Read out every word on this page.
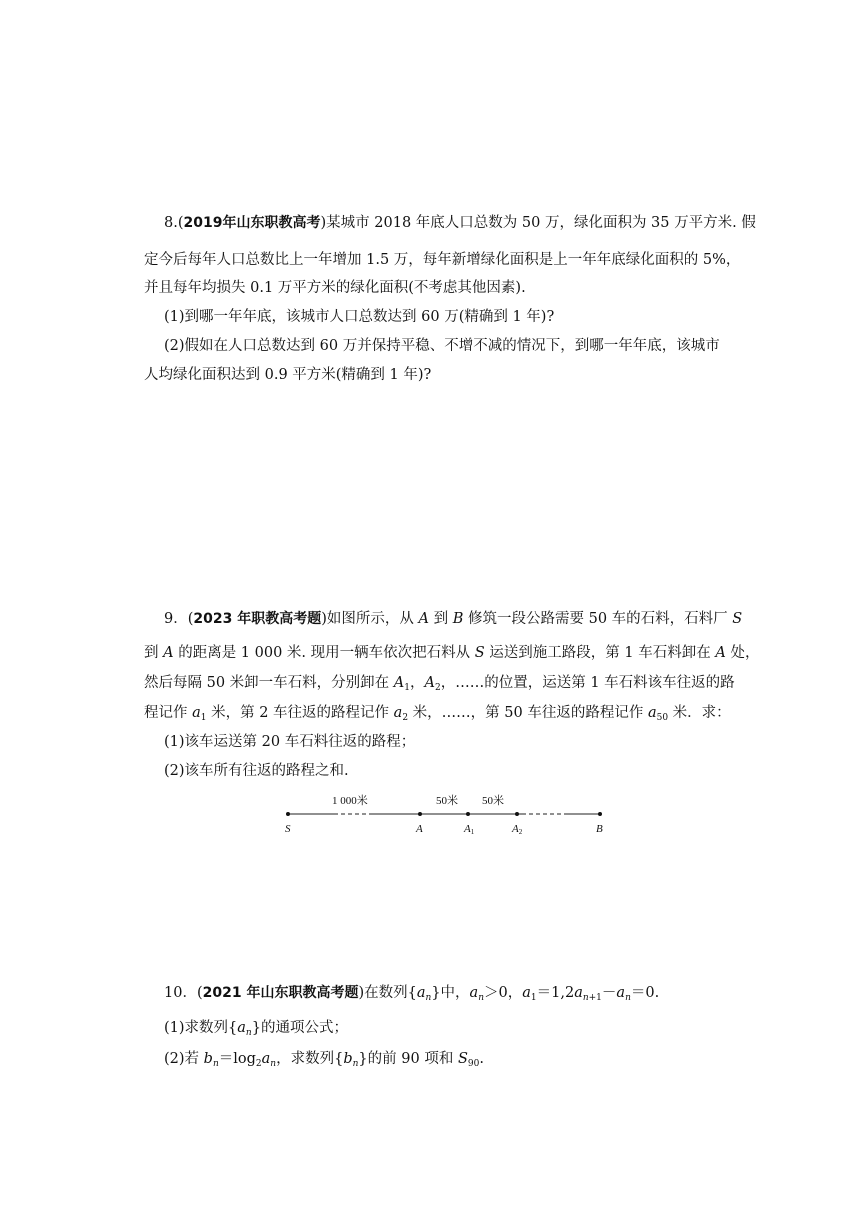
8.(2019年山东职教高考)某城市 2018 年底人口总数为 50 万，绿化面积为 35 万平方米. 假
定今后每年人口总数比上一年增加 1.5 万，每年新增绿化面积是上一年年底绿化面积的 5%，
并且每年均损失 0.1 万平方米的绿化面积(不考虑其他因素).
(1)到哪一年年底，该城市人口总数达到 60 万(精确到 1 年)?
(2)假如在人口总数达到 60 万并保持平稳、不增不减的情况下，到哪一年年底，该城市
人均绿化面积达到 0.9 平方米(精确到 1 年)?
9．(2023 年职教高考题)如图所示，从 A 到 B 修筑一段公路需要 50 车的石料，石料厂 S
到 A 的距离是 1 000 米. 现用一辆车依次把石料从 S 运送到施工路段，第 1 车石料卸在 A 处，
然后每隔 50 米卸一车石料，分别卸在 $A_1$，$A_2$，……的位置，运送第 1 车石料该车往返的路
程记作 $a_1$ 米，第 2 车往返的路程记作 $a_2$ 米，……，第 50 车往返的路程记作 $a_{50}$ 米．求：
(1)该车运送第 20 车石料往返的路程；
(2)该车所有往返的路程之和.
1 000米	50米 50米
S	A	A1	A2	B
10．(2021 年山东职教高考题)在数列$\{a_n\}$中，$a_n>0$，$a_1=1,2a_{n+1}-a_n=0$.
(1)求数列$\{a_n\}$的通项公式；
(2)若 $b_n=\log_2a_n$，求数列$\{b_n\}$的前 90 项和 $S_{90}$.
